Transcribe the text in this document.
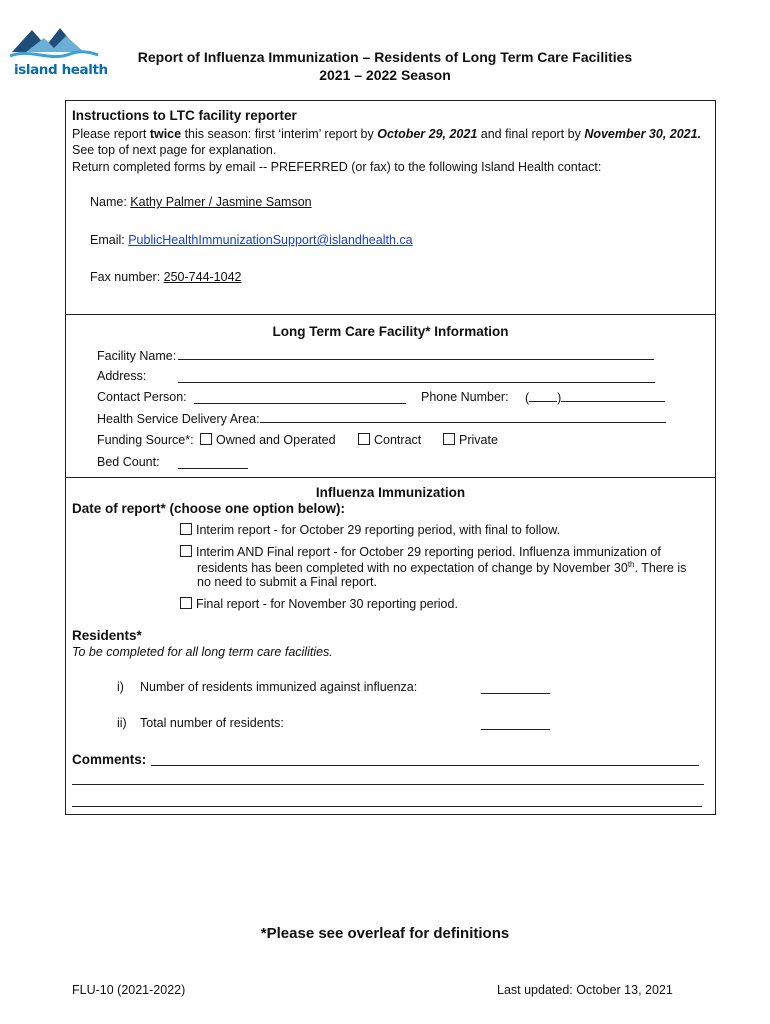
island health
Report of Influenza Immunization – Residents of Long Term Care Facilities
2021 – 2022 Season
Instructions to LTC facility reporter
Please report twice this season: first ‘interim’ report by October 29, 2021 and final report by November 30, 2021.
See top of next page for explanation.
Return completed forms by email -- PREFERRED (or fax) to the following Island Health contact:
Name: Kathy Palmer / Jasmine Samson
Email: PublicHealthImmunizationSupport@islandhealth.ca
Fax number: 250-744-1042
Long Term Care Facility* Information
Facility Name:
Address:
Contact Person:	Phone Number: ( )
Health Service Delivery Area:
Funding Source*:	Owned and Operated	Contract	Private
Bed Count:
Influenza Immunization
Date of report* (choose one option below):
Interim report - for October 29 reporting period, with final to follow.
Interim AND Final report - for October 29 reporting period. Influenza immunization of
residents has been completed with no expectation of change by November 30th. There is
no need to submit a Final report.
Final report - for November 30 reporting period.
Residents*
To be completed for all long term care facilities.
i) Number of residents immunized against influenza:
ii) Total number of residents:
Comments:
*Please see overleaf for definitions
FLU-10 (2021-2022)	Last updated: October 13, 2021
